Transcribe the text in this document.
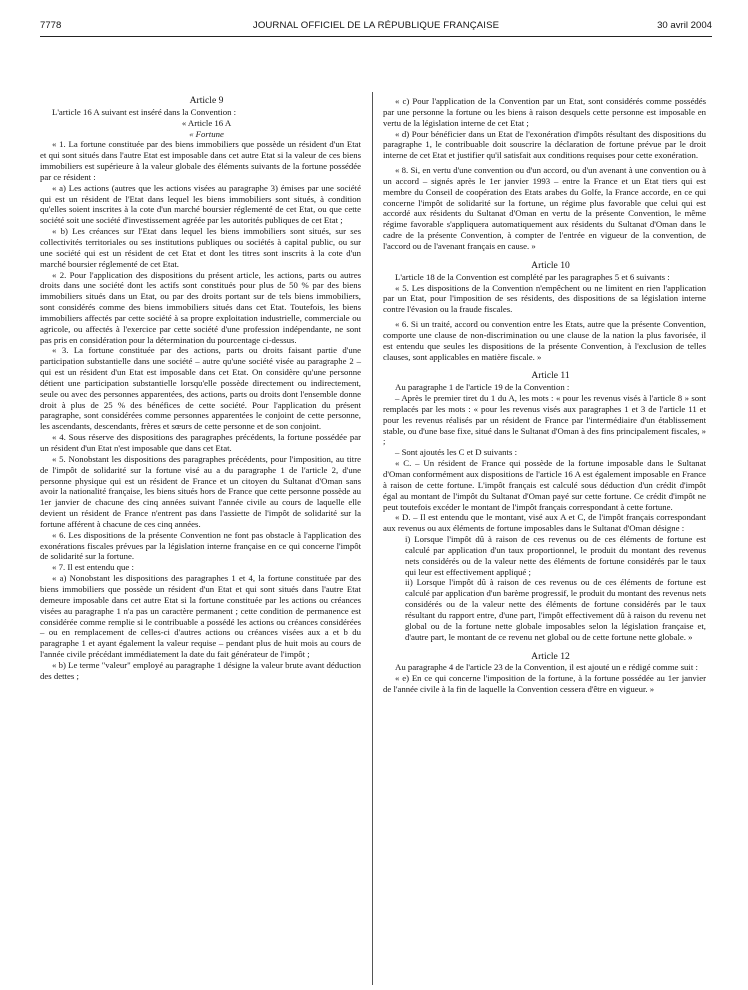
7778	JOURNAL OFFICIEL DE LA RÉPUBLIQUE FRANÇAISE	30 avril 2004

Article 9

L'article 16 A suivant est inséré dans la Convention :

« Article 16 A

« Fortune

« 1. La fortune constituée par des biens immobiliers que possède un résident d'un Etat et qui sont situés dans l'autre Etat est imposable dans cet autre Etat si la valeur de ces biens immobiliers est supérieure à la valeur globale des éléments suivants de la fortune possédée par ce résident :

« a) Les actions (autres que les actions visées au paragraphe 3) émises par une société qui est un résident de l'Etat dans lequel les biens immobiliers sont situés, à condition qu'elles soient inscrites à la cote d'un marché boursier réglementé de cet Etat, ou que cette société soit une société d'investissement agréée par les autorités publiques de cet Etat ;

« b) Les créances sur l'Etat dans lequel les biens immobiliers sont situés, sur ses collectivités territoriales ou ses institutions publiques ou sociétés à capital public, ou sur une société qui est un résident de cet Etat et dont les titres sont inscrits à la cote d'un marché boursier réglementé de cet Etat.

« 2. Pour l'application des dispositions du présent article, les actions, parts ou autres droits dans une société dont les actifs sont constitués pour plus de 50 % par des biens immobiliers situés dans un Etat, ou par des droits portant sur de tels biens immobiliers, sont considérés comme des biens immobiliers situés dans cet Etat. Toutefois, les biens immobiliers affectés par cette société à sa propre exploitation industrielle, commerciale ou agricole, ou affectés à l'exercice par cette société d'une profession indépendante, ne sont pas pris en considération pour la détermination du pourcentage ci-dessus.

« 3. La fortune constituée par des actions, parts ou droits faisant partie d'une participation substantielle dans une société – autre qu'une société visée au paragraphe 2 – qui est un résident d'un Etat est imposable dans cet Etat. On considère qu'une personne détient une participation substantielle lorsqu'elle possède directement ou indirectement, seule ou avec des personnes apparentées, des actions, parts ou droits dont l'ensemble donne droit à plus de 25 % des bénéfices de cette société. Pour l'application du présent paragraphe, sont considérées comme personnes apparentées le conjoint de cette personne, les ascendants, descendants, frères et sœurs de cette personne et de son conjoint.

« 4. Sous réserve des dispositions des paragraphes précédents, la fortune possédée par un résident d'un Etat n'est imposable que dans cet Etat.

« 5. Nonobstant les dispositions des paragraphes précédents, pour l'imposition, au titre de l'impôt de solidarité sur la fortune visé au a du paragraphe 1 de l'article 2, d'une personne physique qui est un résident de France et un citoyen du Sultanat d'Oman sans avoir la nationalité française, les biens situés hors de France que cette personne possède au 1er janvier de chacune des cinq années suivant l'année civile au cours de laquelle elle devient un résident de France n'entrent pas dans l'assiette de l'impôt de solidarité sur la fortune afférent à chacune de ces cinq années.

« 6. Les dispositions de la présente Convention ne font pas obstacle à l'application des exonérations fiscales prévues par la législation interne française en ce qui concerne l'impôt de solidarité sur la fortune.

« 7. Il est entendu que :

« a) Nonobstant les dispositions des paragraphes 1 et 4, la fortune constituée par des biens immobiliers que possède un résident d'un Etat et qui sont situés dans l'autre Etat demeure imposable dans cet autre Etat si la fortune constituée par les actions ou créances visées au paragraphe 1 n'a pas un caractère permanent ; cette condition de permanence est considérée comme remplie si le contribuable a possédé les actions ou créances considérées – ou en remplacement de celles-ci d'autres actions ou créances visées aux a et b du paragraphe 1 et ayant également la valeur requise – pendant plus de huit mois au cours de l'année civile précédant immédiatement la date du fait générateur de l'impôt ;

« b) Le terme "valeur" employé au paragraphe 1 désigne la valeur brute avant déduction des dettes ;

« c) Pour l'application de la Convention par un Etat, sont considérés comme possédés par une personne la fortune ou les biens à raison desquels cette personne est imposable en vertu de la législation interne de cet Etat ;

« d) Pour bénéficier dans un Etat de l'exonération d'impôts résultant des dispositions du paragraphe 1, le contribuable doit souscrire la déclaration de fortune prévue par le droit interne de cet Etat et justifier qu'il satisfait aux conditions requises pour cette exonération.

« 8. Si, en vertu d'une convention ou d'un accord, ou d'un avenant à une convention ou à un accord – signés après le 1er janvier 1993 – entre la France et un Etat tiers qui est membre du Conseil de coopération des Etats arabes du Golfe, la France accorde, en ce qui concerne l'impôt de solidarité sur la fortune, un régime plus favorable que celui qui est accordé aux résidents du Sultanat d'Oman en vertu de la présente Convention, le même régime favorable s'appliquera automatiquement aux résidents du Sultanat d'Oman dans le cadre de la présente Convention, à compter de l'entrée en vigueur de la convention, de l'accord ou de l'avenant français en cause. »

Article 10

L'article 18 de la Convention est complété par les paragraphes 5 et 6 suivants :

« 5. Les dispositions de la Convention n'empêchent ou ne limitent en rien l'application par un Etat, pour l'imposition de ses résidents, des dispositions de sa législation interne contre l'évasion ou la fraude fiscales.

« 6. Si un traité, accord ou convention entre les Etats, autre que la présente Convention, comporte une clause de non-discrimination ou une clause de la nation la plus favorisée, il est entendu que seules les dispositions de la présente Convention, à l'exclusion de telles clauses, sont applicables en matière fiscale. »

Article 11

Au paragraphe 1 de l'article 19 de la Convention :

– Après le premier tiret du 1 du A, les mots : « pour les revenus visés à l'article 8 » sont remplacés par les mots : « pour les revenus visés aux paragraphes 1 et 3 de l'article 11 et pour les revenus réalisés par un résident de France par l'intermédiaire d'un établissement stable, ou d'une base fixe, situé dans le Sultanat d'Oman à des fins principalement fiscales, » ;

– Sont ajoutés les C et D suivants :

« C. – Un résident de France qui possède de la fortune imposable dans le Sultanat d'Oman conformément aux dispositions de l'article 16 A est également imposable en France à raison de cette fortune. L'impôt français est calculé sous déduction d'un crédit d'impôt égal au montant de l'impôt du Sultanat d'Oman payé sur cette fortune. Ce crédit d'impôt ne peut toutefois excéder le montant de l'impôt français correspondant à cette fortune.

« D. – Il est entendu que le montant, visé aux A et C, de l'impôt français correspondant aux revenus ou aux éléments de fortune imposables dans le Sultanat d'Oman désigne :

i) Lorsque l'impôt dû à raison de ces revenus ou de ces éléments de fortune est calculé par application d'un taux proportionnel, le produit du montant des revenus nets considérés ou de la valeur nette des éléments de fortune considérés par le taux qui leur est effectivement appliqué ;

ii) Lorsque l'impôt dû à raison de ces revenus ou de ces éléments de fortune est calculé par application d'un barème progressif, le produit du montant des revenus nets considérés ou de la valeur nette des éléments de fortune considérés par le taux résultant du rapport entre, d'une part, l'impôt effectivement dû à raison du revenu net global ou de la fortune nette globale imposables selon la législation française et, d'autre part, le montant de ce revenu net global ou de cette fortune nette globale. »

Article 12

Au paragraphe 4 de l'article 23 de la Convention, il est ajouté un e rédigé comme suit :

« e) En ce qui concerne l'imposition de la fortune, à la fortune possédée au 1er janvier de l'année civile à la fin de laquelle la Convention cessera d'être en vigueur. »
